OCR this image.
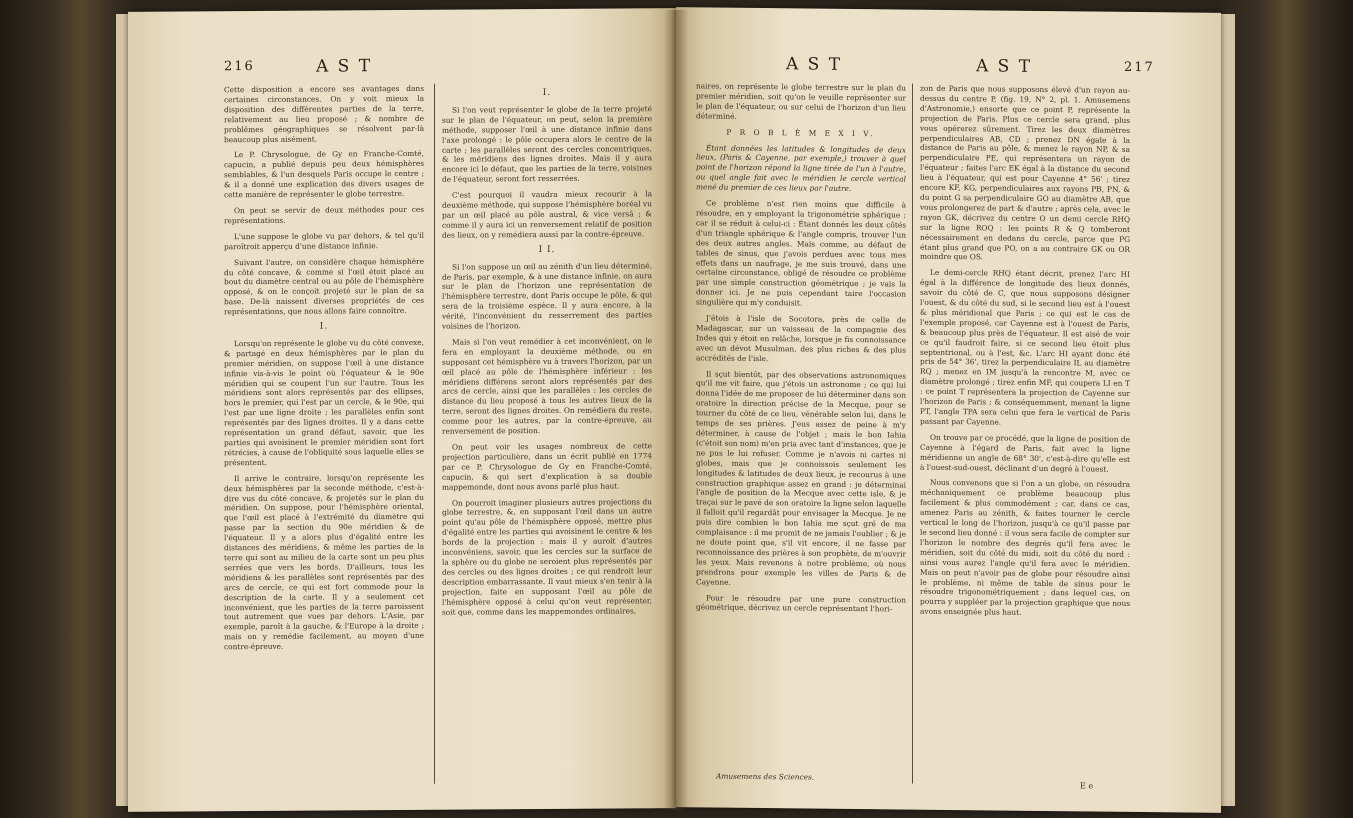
216	A S T

Cette disposition a encore ses avantages dans certaines circonstances. On y voit mieux la disposition des différentes parties de la terre, relativement au lieu proposé ; & nombre de problêmes géographiques se résolvent par-là beaucoup plus aisément.

Le P. Chrysologue, de Gy en Franche-Comté, capucin, a publié depuis peu deux hémisphères semblables, & l'un desquels Paris occupe le centre ; & il a donné une explication des divers usages de cette manière de représenter le globe terrestre.

On peut se servir de deux méthodes pour ces représentations.

L'une suppose le globe vu par dehors, & tel qu'il paroîtroit apperçu d'une distance infinie.

Suivant l'autre, on considère chaque hémisphère du côté concave, & comme si l'œil étoit placé au bout du diamètre central ou au pôle de l'hémisphère opposé, & on le conçoit projeté sur le plan de sa base. De-là naissent diverses propriétés de ces représentations, que nous allons faire connoître.

I.

Lorsqu'on représente le globe vu du côté convexe, & partagé en deux hémisphères par le plan du premier méridien, on suppose l'œil à une distance infinie vis-à-vis le point où l'équateur & le 90e méridien qui se coupent l'un sur l'autre. Tous les méridiens sont alors représentés par des ellipses, hors le premier, qui l'est par un cercle, & le 90e, qui l'est par une ligne droite ; les parallèles enfin sont représentés par des lignes droites. Il y a dans cette représentation un grand défaut, savoir, que les parties qui avoisinent le premier méridien sont fort rétrécies, à cause de l'obliquité sous laquelle elles se présentent.

Il arrive le contraire, lorsqu'on représente les deux hémisphères par la seconde méthode, c'est-à-dire vus du côté concave, & projetés sur le plan du méridien. On suppose, pour l'hémisphère oriental, que l'œil est placé à l'extrémité du diamètre qui passe par la section du 90e méridien & de l'équateur. Il y a alors plus d'égalité entre les distances des méridiens, & même les parties de la terre qui sont au milieu de la carte sont un peu plus serrées que vers les bords. D'ailleurs, tous les méridiens & les parallèles sont représentés par des arcs de cercle, ce qui est fort commode pour la description de la carte. Il y a seulement cet inconvénient, que les parties de la terre paroissent tout autrement que vues par dehors. L'Asie, par exemple, paroît à la gauche, & l'Europe à la droite ; mais on y remédie facilement, au moyen d'une contre-épreuve.

I.

Si l'on veut représenter le globe de la terre projeté sur le plan de l'équateur, on peut, selon la première méthode, supposer l'œil à une distance infinie dans l'axe prolongé : le pôle occupera alors le centre de la carte ; les parallèles seront des cercles concentriques, & les méridiens des lignes droites. Mais il y aura encore ici le défaut, que les parties de la terre, voisines de l'équateur, seront fort resserrées.

C'est pourquoi il vaudra mieux recourir à la deuxième méthode, qui suppose l'hémisphère boréal vu par un œil placé au pôle austral, & vice versâ ; & comme il y aura ici un renversement relatif de position des lieux, on y remédiera aussi par la contre-épreuve.

I I.

Si l'on suppose un œil au zénith d'un lieu déterminé, de Paris, par exemple, & à une distance infinie, on aura sur le plan de l'horizon une représentation de l'hémisphère terrestre, dont Paris occupe le pôle, & qui sera de la troisième espèce. Il y aura encore, à la vérité, l'inconvénient du resserrement des parties voisines de l'horizon.

Mais si l'on veut remédier à cet inconvénient, on le fera en employant la deuxième méthode, ou en supposant cet hémisphère vu à travers l'horizon, par un œil placé au pôle de l'hémisphère inférieur : les méridiens différens seront alors représentés par des arcs de cercle, ainsi que les parallèles : les cercles de distance du lieu proposé à tous les autres lieux de la terre, seront des lignes droites. On remédiera du reste, comme pour les autres, par la contre-épreuve, au renversement de position.

On peut voir les usages nombreux de cette projection particulière, dans un écrit publié en 1774 par ce P. Chrysologue de Gy en Franche-Comté, capucin, & qui sert d'explication à sa double mappemonde, dont nous avons parlé plus haut.

On pourroit imaginer plusieurs autres projections du globe terrestre, &, en supposant l'œil dans un autre point qu'au pôle de l'hémisphère opposé, mettre plus d'égalité entre les parties qui avoisinent le centre & les bords de la projection : mais il y auroit d'autres inconvéniens, savoir, que les cercles sur la surface de la sphère ou du globe ne seroient plus représentés par des cercles ou des lignes droites ; ce qui rendroit leur description embarrassante. Il vaut mieux s'en tenir à la projection, faite en supposant l'œil au pôle de l'hémisphère opposé à celui qu'on veut représenter, soit que, comme dans les mappemondes ordinaires,

A S T	A S T	217

naires, on représente le globe terrestre sur le plan du premier méridien, soit qu'on le veuille représenter sur le plan de l'équateur, ou sur celui de l'horizon d'un lieu déterminé.

P R O B L È M E X I V.

Étant données les latitudes & longitudes de deux lieux, (Paris & Cayenne, par exemple,) trouver à quel point de l'horizon répond la ligne tirée de l'un à l'autre, ou quel angle fait avec le méridien le cercle vertical mené du premier de ces lieux par l'autre.

Ce problème n'est rien moins que difficile à résoudre, en y employant la trigonométrie sphérique ; car il se réduit à celui-ci : Étant donnés les deux côtés d'un triangle sphérique & l'angle compris, trouver l'un des deux autres angles. Mais comme, au défaut de tables de sinus, que j'avois perdues avec tous mes effets dans un naufrage, je me suis trouvé, dans une certaine circonstance, obligé de résoudre ce problème par une simple construction géométrique ; je vais la donner ici. Je ne puis cependant taire l'occasion singulière qui m'y conduisit.

J'étois à l'isle de Socotora, près de celle de Madagascar, sur un vaisseau de la compagnie des Indes qui y étoit en relâche, lorsque je fis connoissance avec un dévot Musulman, des plus riches & des plus accrédités de l'isle.

Il sçut bientôt, par des observations astronomiques qu'il me vit faire, que j'étois un astronome ; ce qui lui donna l'idée de me proposer de lui déterminer dans son oratoire la direction précise de la Mecque, pour se tourner du côté de ce lieu, vénérable selon lui, dans le temps de ses prières. J'eus assez de peine à m'y déterminer, à cause de l'objet ; mais le bon Iahia (c'étoit son nom) m'en pria avec tant d'instances, que je ne pus le lui refuser. Comme je n'avois ni cartes ni globes, mais que je connoissois seulement les longitudes & latitudes de deux lieux, je recourus à une construction graphique assez en grand : je déterminai l'angle de position de la Mecque avec cette isle, & je traçai sur le pavé de son oratoire la ligne selon laquelle il falloit qu'il regardât pour envisager la Mecque. Je ne puis dire combien le bon Iahia me sçut gré de ma complaisance : il me promit de ne jamais l'oublier ; & je ne doute point que, s'il vit encore, il ne fasse par reconnoissance des prières à son prophète, de m'ouvrir les yeux. Mais revenons à notre problème, où nous prendrons pour exemple les villes de Paris & de Cayenne.

Pour le résoudre par une pure construction géométrique, décrivez un cercle représentant l'hori-

Amusemens des Sciences.

zon de Paris que nous supposons élevé d'un rayon au-dessus du centre P, (fig. 19, N° 2, pl. 1. Amusemens d'Astronomie,) ensorte que ce point P, représente la projection de Paris. Plus ce cercle sera grand, plus vous opérerez sûrement. Tirez les deux diamètres perpendiculaires AB, CD ; prenez DN égale à la distance de Paris au pôle, & menez le rayon NP, & sa perpendiculaire PE, qui représentera un rayon de l'équateur ; faites l'arc EK égal à la distance du second lieu à l'équateur, qui est pour Cayenne 4° 56' ; tirez encore KF, KG, perpendiculaires aux rayons PB, PN, & du point G sa perpendiculaire GO au diamètre AB, que vous prolongerez de part & d'autre ; après cela, avec le rayon GK, décrivez du centre O un demi cercle RHQ sur la ligne ROQ : les points R & Q tomberont nécessairement en dedans du cercle, parce que PG étant plus grand que PO, on a au contraire GK ou OR moindre que OS.

Le demi-cercle RHQ étant décrit, prenez l'arc HI égal à la différence de longitude des lieux donnés, savoir du côté de C, que nous supposons désigner l'ouest, & du côté du sud, si le second lieu est à l'ouest & plus méridional que Paris ; ce qui est le cas de l'exemple proposé, car Cayenne est à l'ouest de Paris, & beaucoup plus près de l'équateur. Il est aisé de voir ce qu'il faudroit faire, si ce second lieu étoit plus septentrional, ou à l'est, &c. L'arc HI ayant donc été pris de 54° 36', tirez la perpendiculaire IL au diamètre RQ ; menez en IM jusqu'à la rencontre M, avec ce diamètre prolongé ; tirez enfin MF, qui coupera LI en T : ce point T représentera la projection de Cayenne sur l'horizon de Paris ; & conséquemment, menant la ligne PT, l'angle TPA sera celui que fera le vertical de Paris passant par Cayenne.

On trouve par ce procédé, que la ligne de position de Cayenne à l'égard de Paris, fait avec la ligne méridienne un angle de 68° 30', c'est-à-dire qu'elle est à l'ouest-sud-ouest, déclinant d'un degré à l'ouest.

Nous convenons que si l'on a un globe, on résoudra méchaniquement ce problème beaucoup plus facilement & plus commodément ; car, dans ce cas, amenez Paris au zénith, & faites tourner le cercle vertical le long de l'horizon, jusqu'à ce qu'il passe par le second lieu donné : il vous sera facile de compter sur l'horizon le nombre des degrés qu'il fera avec le méridien, soit du côté du midi, soit du côté du nord : ainsi vous aurez l'angle qu'il fera avec le méridien. Mais on peut n'avoir pas de globe pour résoudre ainsi le problème, ni même de table de sinus pour le résoudre trigonométriquement ; dans lequel cas, on pourra y suppléer par la projection graphique que nous avons enseignée plus haut.

E e
